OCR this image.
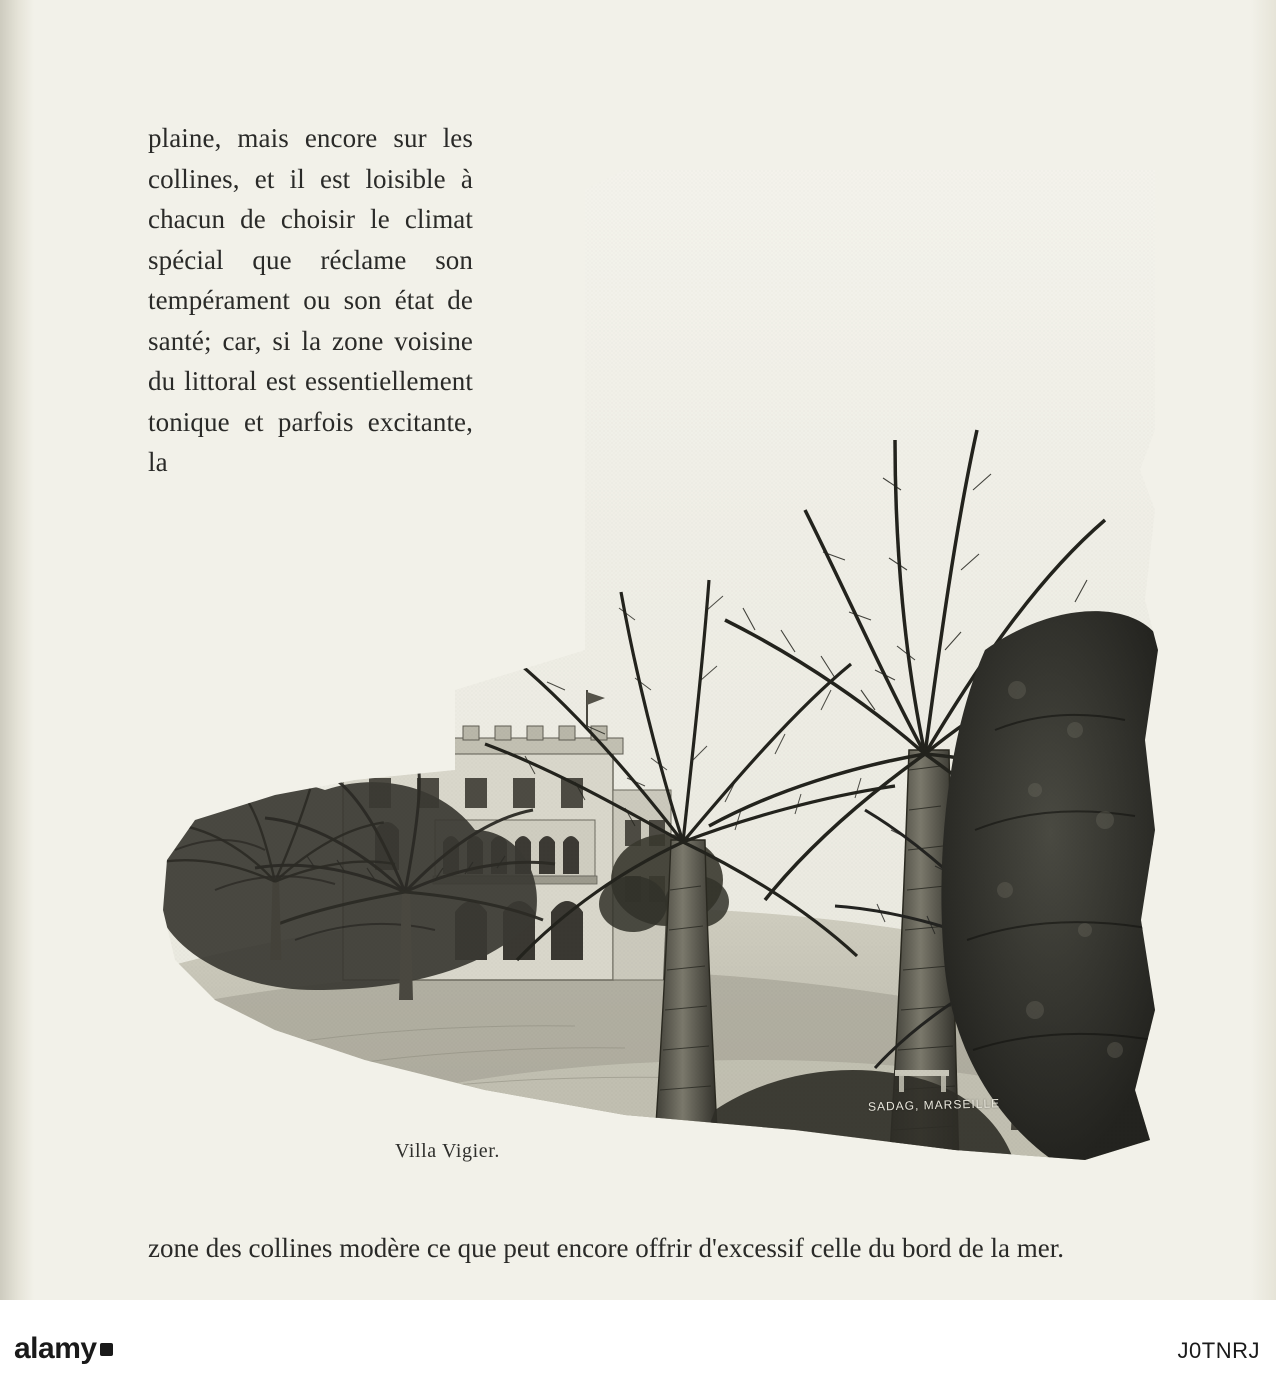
plaine, mais encore sur les collines, et il est loisible à chacun de choisir le climat spécial que réclame son tempérament ou son état de santé; car, si la zone voisine du littoral est essentiellement tonique et parfois excitante, la

SADAG, MARSEILLE
Villa Vigier.

zone des collines modère ce que peut encore offrir d'excessif celle du bord de la mer.

alamy	J0TNRJ
